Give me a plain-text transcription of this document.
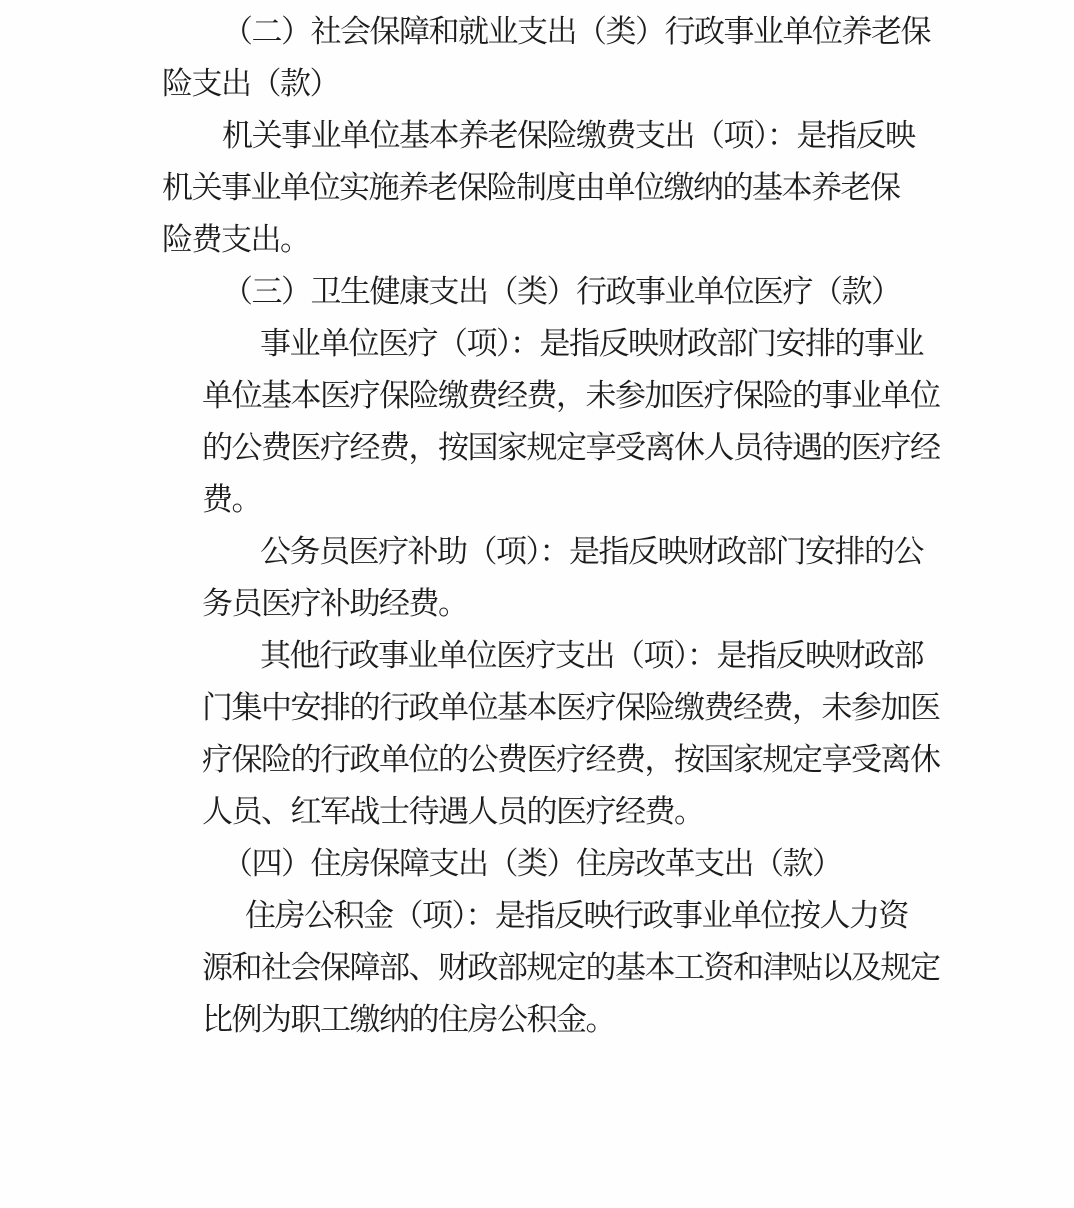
（二）社会保障和就业支出（类）行政事业单位养老保
险支出（款）
机关事业单位基本养老保险缴费支出（项）：是指反映
机关事业单位实施养老保险制度由单位缴纳的基本养老保
险费支出。
（三）卫生健康支出（类）行政事业单位医疗（款）
事业单位医疗（项）：是指反映财政部门安排的事业
单位基本医疗保险缴费经费，未参加医疗保险的事业单位
的公费医疗经费，按国家规定享受离休人员待遇的医疗经
费。
公务员医疗补助（项）：是指反映财政部门安排的公
务员医疗补助经费。
其他行政事业单位医疗支出（项）：是指反映财政部
门集中安排的行政单位基本医疗保险缴费经费，未参加医
疗保险的行政单位的公费医疗经费，按国家规定享受离休
人员、红军战士待遇人员的医疗经费。
（四）住房保障支出（类）住房改革支出（款）
住房公积金（项）：是指反映行政事业单位按人力资
源和社会保障部、财政部规定的基本工资和津贴以及规定
比例为职工缴纳的住房公积金。
